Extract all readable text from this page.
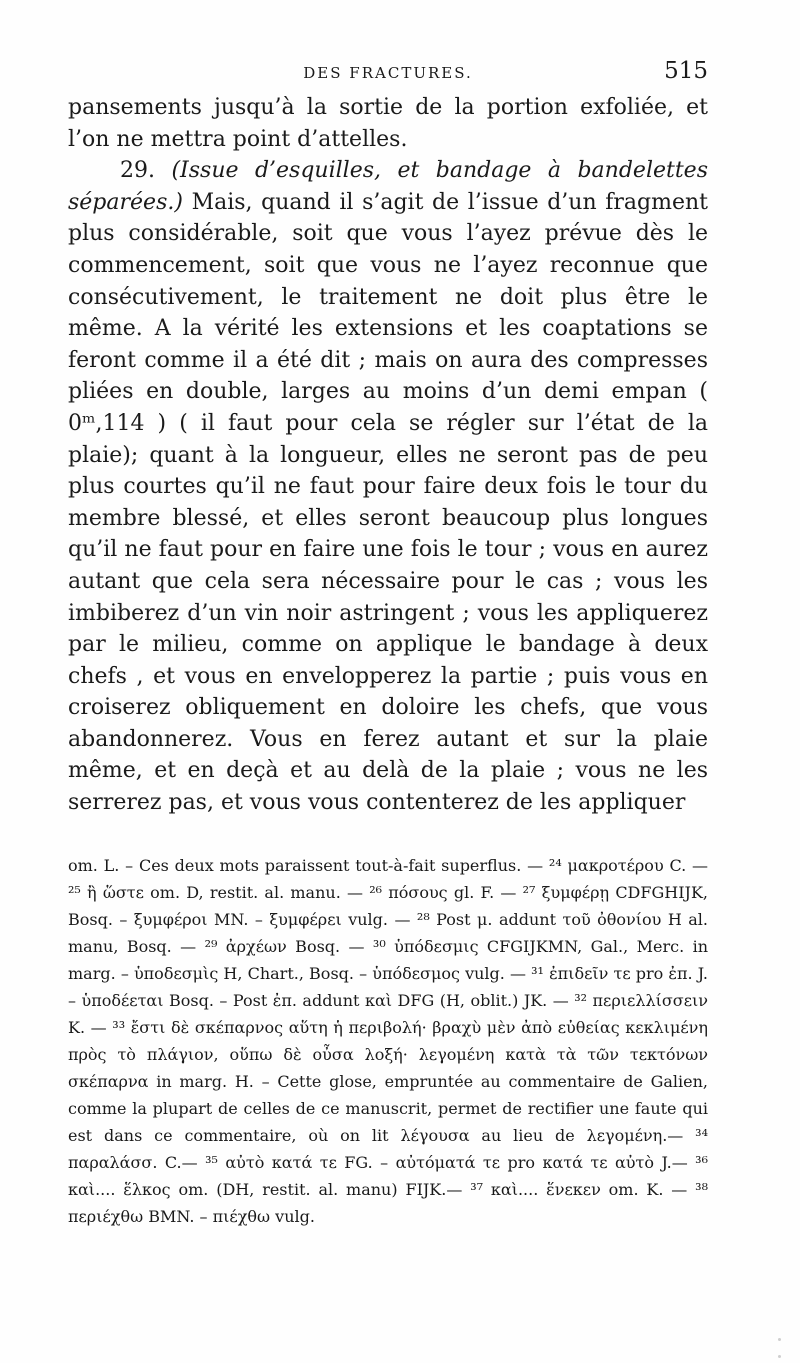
DES FRACTURES.	515

pansements jusqu’à la sortie de la portion exfoliée, et l’on ne mettra point d’attelles.

29. (Issue d’esquilles, et bandage à bandelettes séparées.) Mais, quand il s’agit de l’issue d’un fragment plus considérable, soit que vous l’ayez prévue dès le commencement, soit que vous ne l’ayez reconnue que consécutivement, le traitement ne doit plus être le même. A la vérité les extensions et les coaptations se feront comme il a été dit ; mais on aura des compresses pliées en double, larges au moins d’un demi empan ( 0ᵐ,114 ) ( il faut pour cela se régler sur l’état de la plaie); quant à la longueur, elles ne seront pas de peu plus courtes qu’il ne faut pour faire deux fois le tour du membre blessé, et elles seront beaucoup plus longues qu’il ne faut pour en faire une fois le tour ; vous en aurez autant que cela sera nécessaire pour le cas ; vous les imbiberez d’un vin noir astringent ; vous les appliquerez par le milieu, comme on applique le bandage à deux chefs , et vous en envelopperez la partie ; puis vous en croiserez obliquement en doloire les chefs, que vous abandonnerez. Vous en ferez autant et sur la plaie même, et en deçà et au delà de la plaie ; vous ne les serrerez pas, et vous vous contenterez de les appliquer

om. L. – Ces deux mots paraissent tout-à-fait superflus. — ²⁴ μακροτέρου C. — ²⁵ ἢ ὥστε om. D, restit. al. manu. — ²⁶ πόσους gl. F. — ²⁷ ξυμφέρῃ CDFGHIJK, Bosq. – ξυμφέροι MN. – ξυμφέρει vulg. — ²⁸ Post μ. addunt τοῦ ὀθονίου H al. manu, Bosq. — ²⁹ ἀρχέων Bosq. — ³⁰ ὑπόδεσμις CFGIJKMN, Gal., Merc. in marg. – ὑποδεσμὶς H, Chart., Bosq. – ὑπόδεσμος vulg. — ³¹ ἐπιδεῖν τε pro ἐπ. J. – ὑποδέεται Bosq. – Post ἐπ. addunt καὶ DFG (H, oblit.) JK. — ³² περιελλίσσειν K. — ³³ ἔστι δὲ σκέπαρνος αὕτη ἡ περιβολή· βραχὺ μὲν ἀπὸ εὐθείας κεκλιμένη πρὸς τὸ πλάγιον, οὕπω δὲ οὖσα λοξή· λεγομένη κατὰ τὰ τῶν τεκτόνων σκέπαρνα in marg. H. – Cette glose, empruntée au commentaire de Galien, comme la plupart de celles de ce manuscrit, permet de rectifier une faute qui est dans ce commentaire, où on lit λέγουσα au lieu de λεγομένη.— ³⁴ παραλάσσ. C.— ³⁵ αὐτὸ κατά τε FG. – αὐτόματά τε pro κατά τε αὐτὸ J.— ³⁶ καὶ.... ἕλκος om. (DH, restit. al. manu) FIJK.— ³⁷ καὶ.... ἕνεκεν om. K. — ³⁸ περιέχθω BMN. – πιέχθω vulg.
